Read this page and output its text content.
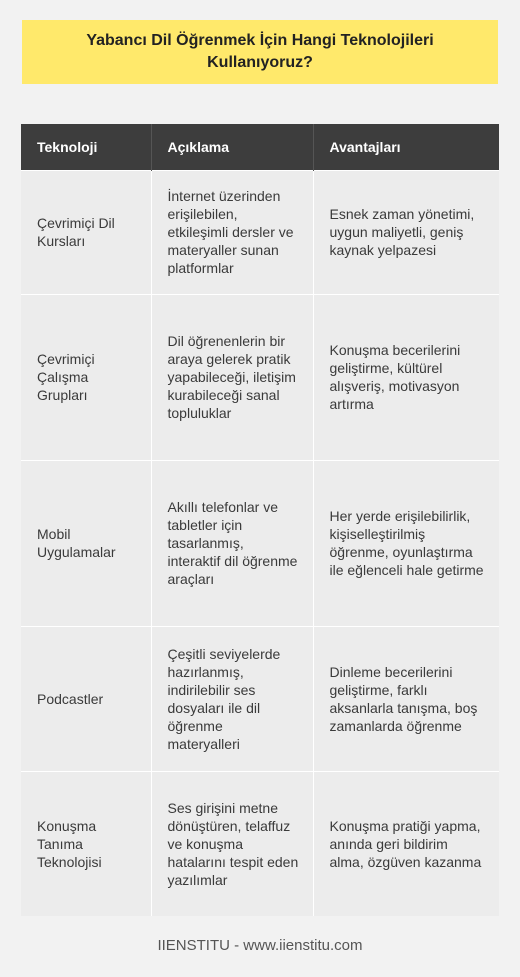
Yabancı Dil Öğrenmek İçin Hangi Teknolojileri Kullanıyoruz?
Teknoloji	Açıklama	Avantajları
Çevrimiçi Dil Kursları	İnternet üzerinden erişilebilen, etkileşimli dersler ve materyaller sunan platformlar	Esnek zaman yönetimi, uygun maliyetli, geniş kaynak yelpazesi
Çevrimiçi Çalışma Grupları	Dil öğrenenlerin bir araya gelerek pratik yapabileceği, iletişim kurabileceği sanal topluluklar	Konuşma becerilerini geliştirme, kültürel alışveriş, motivasyon artırma
Mobil Uygulamalar	Akıllı telefonlar ve tabletler için tasarlanmış, interaktif dil öğrenme araçları	Her yerde erişilebilirlik, kişiselleştirilmiş öğrenme, oyunlaştırma ile eğlenceli hale getirme
Podcastler	Çeşitli seviyelerde hazırlanmış, indirilebilir ses dosyaları ile dil öğrenme materyalleri	Dinleme becerilerini geliştirme, farklı aksanlarla tanışma, boş zamanlarda öğrenme
Konuşma Tanıma Teknolojisi	Ses girişini metne dönüştüren, telaffuz ve konuşma hatalarını tespit eden yazılımlar	Konuşma pratiği yapma, anında geri bildirim alma, özgüven kazanma
IIENSTITU - www.iienstitu.com
